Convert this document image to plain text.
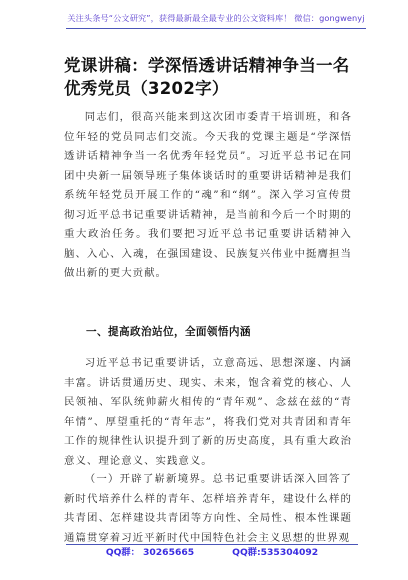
关注头条号“公文研究”，获得最新最全最专业的公文资料库！ 微信：gongwenyj
党课讲稿：学深悟透讲话精神争当一名优秀党员（3202字）

同志们，很高兴能来到这次团市委青干培训班，和各位年轻的党员同志们交流。今天我的党课主题是“学深悟透讲话精神争当一名优秀年轻党员”。习近平总书记在同团中央新一届领导班子集体谈话时的重要讲话精神是我们系统年轻党员开展工作的“魂”和“纲”。深入学习宣传贯彻习近平总书记重要讲话精神，是当前和今后一个时期的重大政治任务。我们要把习近平总书记重要讲话精神入脑、入心、入魂，在强国建设、民族复兴伟业中挺膺担当做出新的更大贡献。

一、提高政治站位，全面领悟内涵

习近平总书记重要讲话，立意高远、思想深邃、内涵丰富。讲话贯通历史、现实、未来，饱含着党的核心、人民领袖、军队统帅薪火相传的“青年观”、念兹在兹的“青年情”、厚望重托的“青年志”，将我们党对共青团和青年工作的规律性认识提升到了新的历史高度，具有重大政治意义、理论意义、实践意义。

（一）开辟了崭新境界。总书记重要讲话深入回答了新时代培养什么样的青年、怎样培养青年，建设什么样的共青团、怎样建设共青团等方向性、全局性、根本性课题通篇贯穿着习近平新时代中国特色社会主义思想的世界观

QQ群： 30265665	QQ群:535304092
